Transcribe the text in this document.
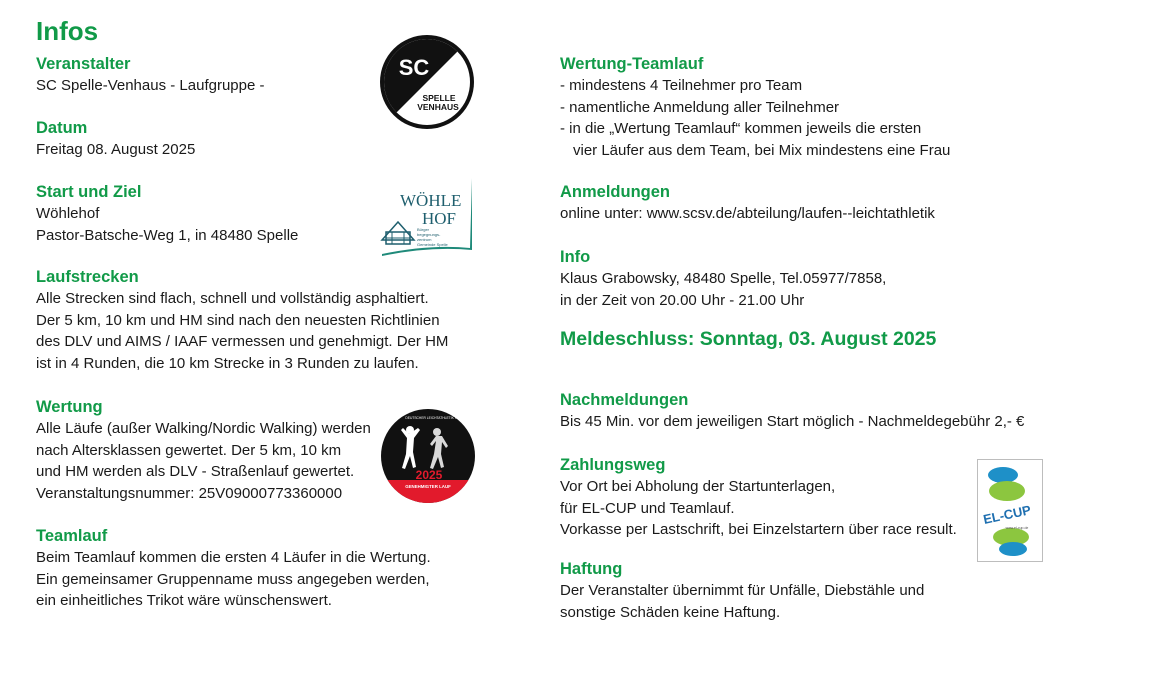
Infos
Veranstalter

SC Spelle-Venhaus - Laufgruppe -

Datum

Freitag 08. August 2025

Start und Ziel

Wöhlehof

Pastor-Batsche-Weg 1, in 48480 Spelle

Laufstrecken

Alle Strecken sind flach, schnell und vollständig asphaltiert.

Der 5 km, 10 km und HM sind nach den neuesten Richtlinien

des DLV und AIMS / IAAF vermessen und genehmigt. Der HM

ist in 4 Runden, die 10 km Strecke in 3 Runden zu laufen.

Wertung

Alle Läufe (außer Walking/Nordic Walking) werden

nach Altersklassen gewertet. Der 5 km, 10 km

und HM werden als DLV - Straßenlauf gewertet.

Veranstaltungsnummer: 25V09000773360000

Teamlauf

Beim Teamlauf kommen die ersten 4 Läufer in die Wertung.

Ein gemeinsamer Gruppenname muss angegeben werden,

ein einheitliches Trikot wäre wünschenswert.

Wertung-Teamlauf

- mindestens 4 Teilnehmer pro Team

- namentliche Anmeldung aller Teilnehmer

- in die „Wertung Teamlauf“ kommen jeweils die ersten

vier Läufer aus dem Team, bei Mix mindestens eine Frau

Anmeldungen

online unter: www.scsv.de/abteilung/laufen--leichtathletik

Info

Klaus Grabowsky, 48480 Spelle, Tel.05977/7858,

in der Zeit von 20.00 Uhr - 21.00 Uhr

Meldeschluss: Sonntag, 03. August 2025
Nachmeldungen

Bis 45 Min. vor dem jeweiligen Start möglich - Nachmeldegebühr 2,- €

Zahlungsweg

Vor Ort bei Abholung der Startunterlagen,

für EL-CUP und Teamlauf.

Vorkasse per Lastschrift, bei Einzelstartern über race result.

Haftung

Der Veranstalter übernimmt für Unfälle, Diebstähle und

sonstige Schäden keine Haftung.

SC
SPELLE
VENHAUS
WÖHLE
HOF
Bürger
begegnungs-
zentrum
Gemeinde Spelle
DEUTSCHER LEICHTATHLETIK VERBAND
2025
GENEHMIGTER LAUF
EL-CUP
www.el-cup.de
